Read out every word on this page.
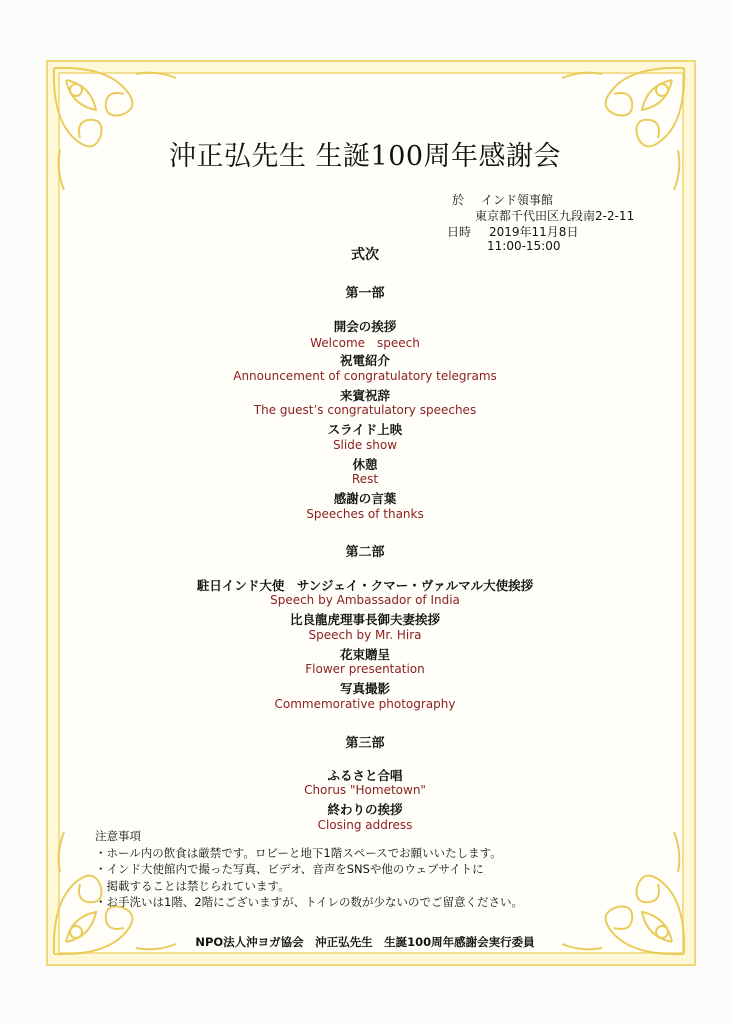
沖正弘先生 生誕100周年感謝会
於 インド領事館
東京都千代田区九段南2-2-11
日時 2019年11月8日
11:00-15:00
式次
第一部
開会の挨拶
Welcome　speech
祝電紹介
Announcement of congratulatory telegrams
来賓祝辞
The guest’s congratulatory speeches
スライド上映
Slide show
休憩
Rest
感謝の言葉
Speeches of thanks
第二部
駐日インド大使　サンジェイ・クマー・ヴァルマル大使挨拶
Speech by Ambassador of India
比良龍虎理事長御夫妻挨拶
Speech by Mr. Hira
花束贈呈
Flower presentation
写真撮影
Commemorative photography
第三部
ふるさと合唱
Chorus "Hometown"
終わりの挨拶
Closing address
注意事項
・ホール内の飲食は厳禁です。ロビーと地下1階スペースでお願いいたします。
・インド大使館内で撮った写真、ビデオ、音声をSNSや他のウェブサイトに
　掲載することは禁じられています。
・お手洗いは1階、2階にございますが、トイレの数が少ないのでご留意ください。
NPO法人沖ヨガ協会　沖正弘先生　生誕100周年感謝会実行委員
